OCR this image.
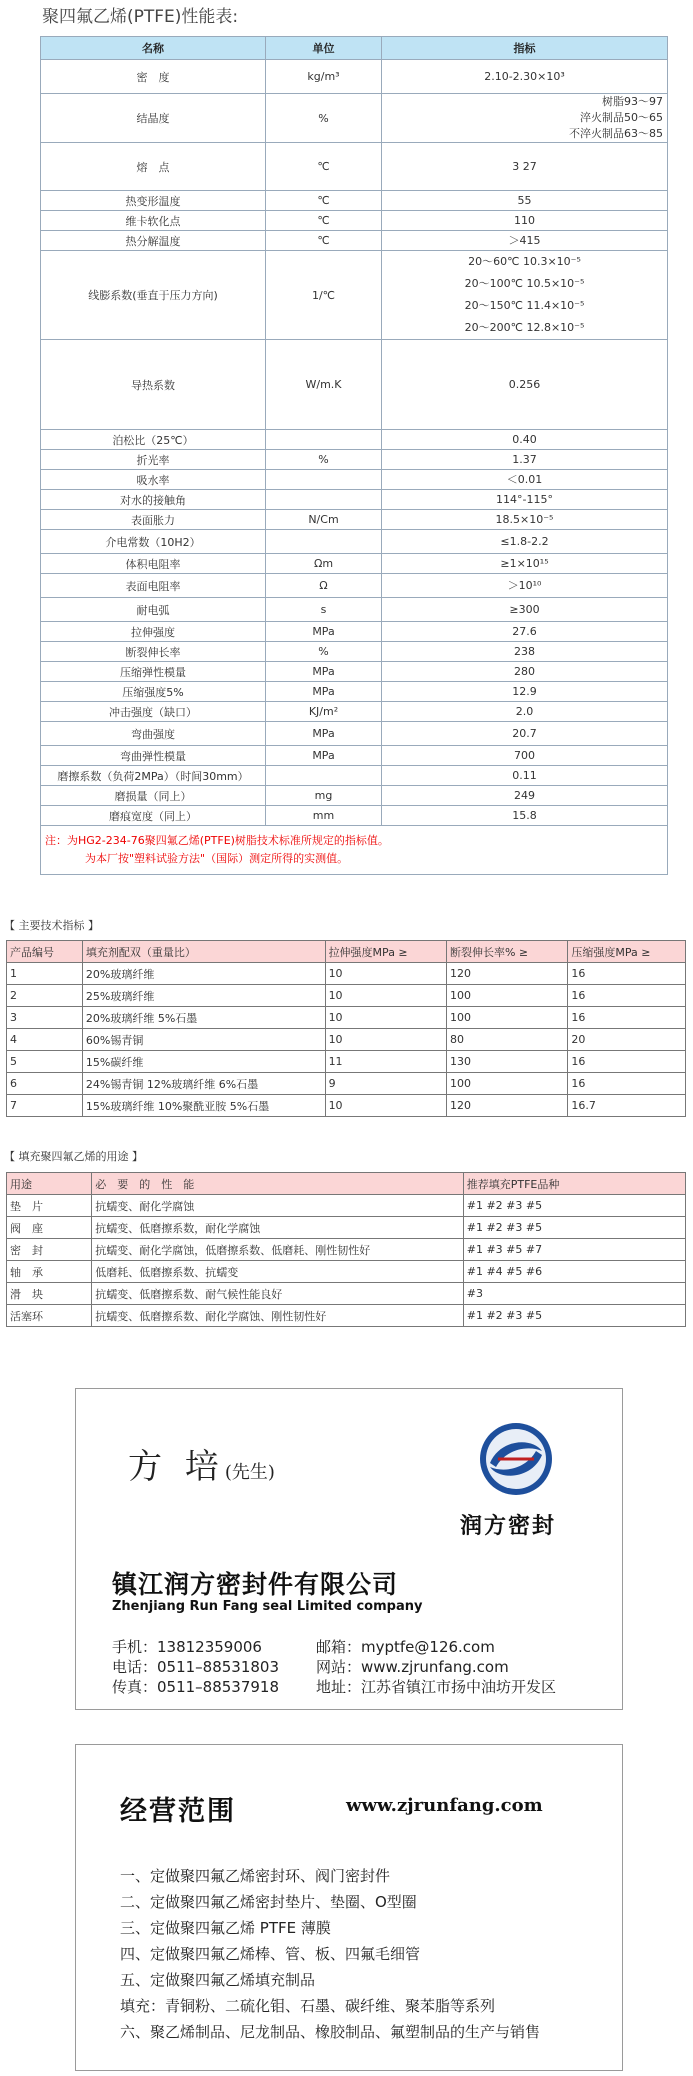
聚四氟乙烯(PTFE)性能表:
名称	单位	指标
密　度	kg/m³	2.10-2.30×10³

结晶度	%	树脂93～97
淬火制品50～65
不淬火制品63～85

熔　点	℃	3 27

热变形温度	℃	55

维卡软化点	℃	110

热分解温度	℃	＞415

线膨系数(垂直于压力方向)	1/℃	20～60℃ 10.3×10⁻⁵
20～100℃ 10.5×10⁻⁵
20～150℃ 11.4×10⁻⁵
20～200℃ 12.8×10⁻⁵

导热系数	W/m.K	0.256

泊松比（25℃）		0.40

折光率	%	1.37

吸水率		＜0.01

对水的接触角		114°-115°

表面胀力	N/Cm	18.5×10⁻⁵

介电常数（10H2）		≤1.8-2.2

体积电阻率	Ωm	≥1×10¹⁵

表面电阻率	Ω	＞10¹⁰

耐电弧	s	≥300

拉伸强度	MPa	27.6

断裂伸长率	%	238

压缩弹性模量	MPa	280

压缩强度5%	MPa	12.9

冲击强度（缺口）	KJ/m²	2.0

弯曲强度	MPa	20.7

弯曲弹性模量	MPa	700

磨擦系数（负荷2MPa）（时间30mm）		0.11

磨损量（同上）	mg	249

磨痕宽度（同上）	mm	15.8

注：为HG2-234-76聚四氟乙烯(PTFE)树脂技术标准所规定的指标值。
为本厂按"塑料试验方法"（国际）测定所得的实测值。		
【 主要技术指标 】
产品编号	填充剂配双（重量比）	拉伸强度MPa ≥	断裂伸长率% ≥	压缩强度MPa ≥
1	20%玻璃纤维	10	120	16
2	25%玻璃纤维	10	100	16
3	20%玻璃纤维 5%石墨	10	100	16
4	60%锡青铜	10	80	20
5	15%碳纤维	11	130	16
6	24%锡青铜 12%玻璃纤维 6%石墨	9	100	16
7	15%玻璃纤维 10%聚酰亚胺 5%石墨	10	120	16.7
【 填充聚四氟乙烯的用途 】
用途	必　要　的　性　能	推荐填充PTFE品种
垫　片	抗蠕变、耐化学腐蚀	#1 #2 #3 #5
阀　座	抗蠕变、低磨擦系数，耐化学腐蚀	#1 #2 #3 #5
密　封	抗蠕变、耐化学腐蚀，低磨擦系数、低磨耗、刚性韧性好	#1 #3 #5 #7
轴　承	低磨耗、低磨擦系数、抗蠕变	#1 #4 #5 #6
滑　块	抗蠕变、低磨擦系数、耐气候性能良好	#3
活塞环	抗蠕变、低磨擦系数、耐化学腐蚀、刚性韧性好	#1 #2 #3 #5
方 培(先生)
润方密封
镇江润方密封件有限公司
Zhenjiang Run Fang seal Limited company
手机：13812359006
电话：0511–88531803
传真：0511–88537918
邮箱：myptfe@126.com
网站：www.zjrunfang.com
地址：江苏省镇江市扬中油坊开发区
经营范围	www.zjrunfang.com
一、定做聚四氟乙烯密封环、阀门密封件
二、定做聚四氟乙烯密封垫片、垫圈、O型圈
三、定做聚四氟乙烯 PTFE 薄膜
四、定做聚四氟乙烯棒、管、板、四氟毛细管
五、定做聚四氟乙烯填充制品
填充：青铜粉、二硫化钼、石墨、碳纤维、聚苯脂等系列
六、聚乙烯制品、尼龙制品、橡胶制品、氟塑制品的生产与销售
